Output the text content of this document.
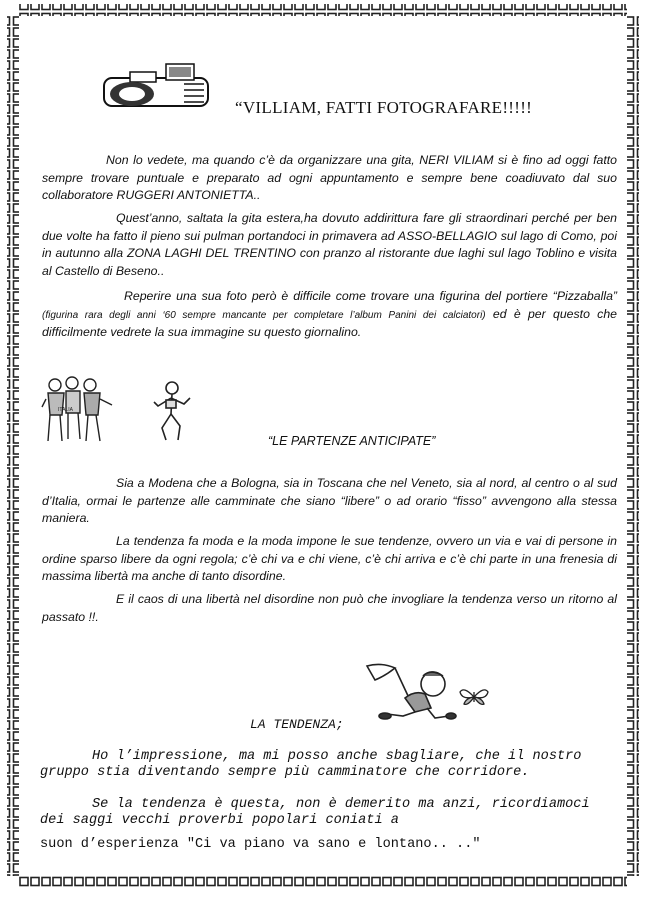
“VILLIAM, FATTI FOTOGRAFARE!!!!!

Non lo vedete, ma quando c’è da organizzare una gita, NERI VILIAM si è fino ad oggi fatto sempre trovare puntuale e preparato ad ogni appuntamento e sempre bene coadiuvato dal suo collaboratore RUGGERI ANTONIETTA..

Quest’anno, saltata la gita estera,ha dovuto addirittura fare gli straordinari perché per ben due volte ha fatto il pieno sui pulman portandoci in primavera ad ASSO-BELLAGIO sul lago di Como, poi in autunno alla ZONA LAGHI DEL TRENTINO con pranzo al ristorante due laghi sul lago Toblino e visita al Castello di Beseno..

Reperire una sua foto però è difficile come trovare una figurina del portiere “Pizzaballa” (figurina rara degli anni ‘60 sempre mancante per completare l’album Panini dei calciatori) ed è per questo che difficilmente vedrete la sua immagine su questo giornalino.

ITALIA
“LE PARTENZE ANTICIPATE”

Sia a Modena che a Bologna, sia in Toscana che nel Veneto, sia al nord, al centro o al sud d’Italia, ormai le partenze alle camminate che siano “libere” o ad orario “fisso” avvengono alla stessa maniera.

La tendenza fa moda e la moda impone le sue tendenze, ovvero un via e vai di persone in ordine sparso libere da ogni regola; c’è chi va e chi viene, c’è chi arriva e c’è chi parte in una frenesia di massima libertà ma anche di tanto disordine.

E il caos di una libertà nel disordine non può che invogliare la tendenza verso un ritorno al passato !!.

LA TENDENZA;

Ho l’impressione, ma mi posso anche sbagliare, che il nostro gruppo stia diventando sempre più camminatore che corridore.

Se la tendenza è questa, non è demerito ma anzi, ricordiamoci dei saggi vecchi proverbi popolari coniati a

suon d’esperienza "Ci va piano va sano e lontano.. .."
